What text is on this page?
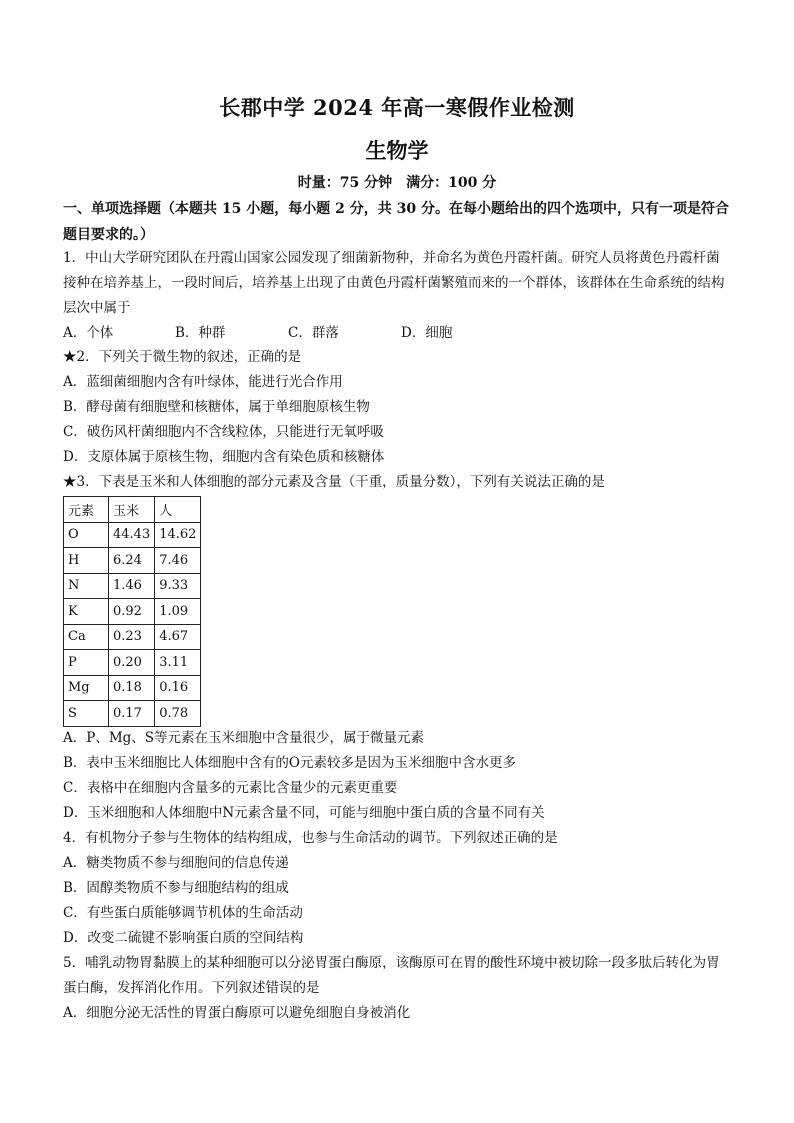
长郡中学 2024 年高一寒假作业检测
生物学
时量：75 分钟　满分：100 分
一、单项选择题（本题共 15 小题，每小题 2 分，共 30 分。在每小题给出的四个选项中，只有一项是符合题目要求的。）
1．中山大学研究团队在丹霞山国家公园发现了细菌新物种，并命名为黄色丹霞杆菌。研究人员将黄色丹霞杆菌接种在培养基上，一段时间后，培养基上出现了由黄色丹霞杆菌繁殖而来的一个群体，该群体在生命系统的结构层次中属于
A．个体	B．种群	C．群落	D．细胞
★2．下列关于微生物的叙述，正确的是
A．蓝细菌细胞内含有叶绿体，能进行光合作用
B．酵母菌有细胞壁和核糖体，属于单细胞原核生物
C．破伤风杆菌细胞内不含线粒体，只能进行无氧呼吸
D．支原体属于原核生物，细胞内含有染色质和核糖体
★3．下表是玉米和人体细胞的部分元素及含量（干重，质量分数），下列有关说法正确的是
元素	玉米	人
O	44.43	14.62
H	6.24	7.46
N	1.46	9.33
K	0.92	1.09
Ca	0.23	4.67
P	0.20	3.11
Mg	0.18	0.16
S	0.17	0.78
A．P、Mg、S等元素在玉米细胞中含量很少，属于微量元素
B．表中玉米细胞比人体细胞中含有的O元素较多是因为玉米细胞中含水更多
C．表格中在细胞内含量多的元素比含量少的元素更重要
D．玉米细胞和人体细胞中N元素含量不同，可能与细胞中蛋白质的含量不同有关
4．有机物分子参与生物体的结构组成，也参与生命活动的调节。下列叙述正确的是
A．糖类物质不参与细胞间的信息传递
B．固醇类物质不参与细胞结构的组成
C．有些蛋白质能够调节机体的生命活动
D．改变二硫键不影响蛋白质的空间结构
5．哺乳动物胃黏膜上的某种细胞可以分泌胃蛋白酶原，该酶原可在胃的酸性环境中被切除一段多肽后转化为胃蛋白酶，发挥消化作用。下列叙述错误的是
A．细胞分泌无活性的胃蛋白酶原可以避免细胞自身被消化
